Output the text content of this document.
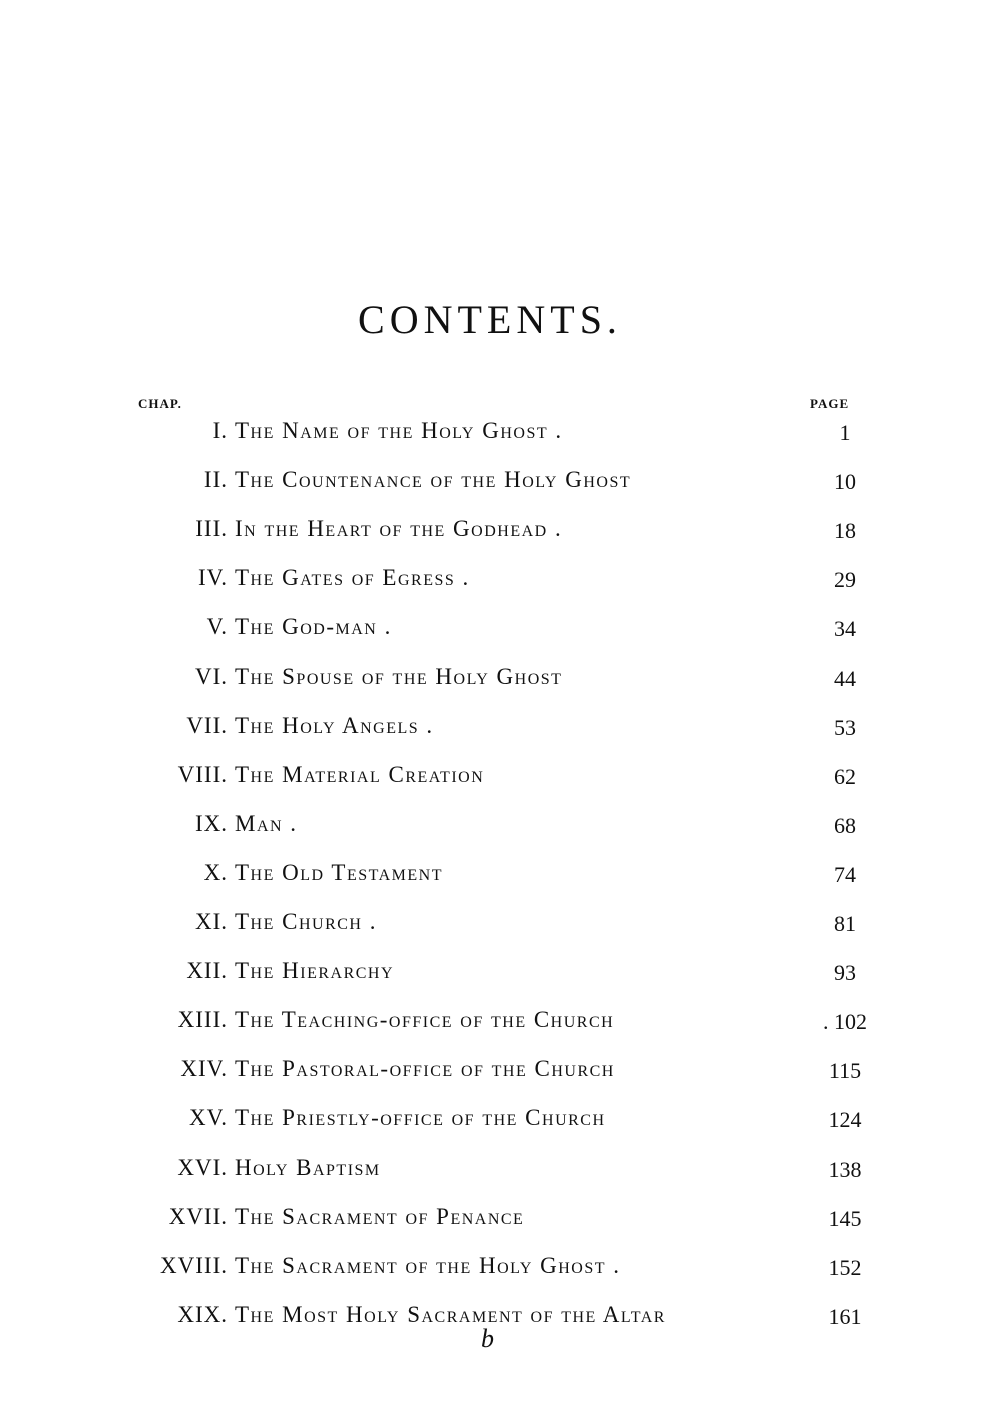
CONTENTS.
CHAP.	PAGE
I. The Name of the Holy Ghost .	1
II. The Countenance of the Holy Ghost	10
III. In the Heart of the Godhead .	18
IV. The Gates of Egress .	29
V. The God-man .	34
VI. The Spouse of the Holy Ghost	44
VII. The Holy Angels .	53
VIII. The Material Creation	62
IX. Man .	68
X. The Old Testament	74
XI. The Church .	81
XII. The Hierarchy	93
XIII. The Teaching-office of the Church	. 102
XIV. The Pastoral-office of the Church	115
XV. The Priestly-office of the Church	124
XVI. Holy Baptism	138
XVII. The Sacrament of Penance	145
XVIII. The Sacrament of the Holy Ghost .	152
XIX. The Most Holy Sacrament of the Altar	161
b
